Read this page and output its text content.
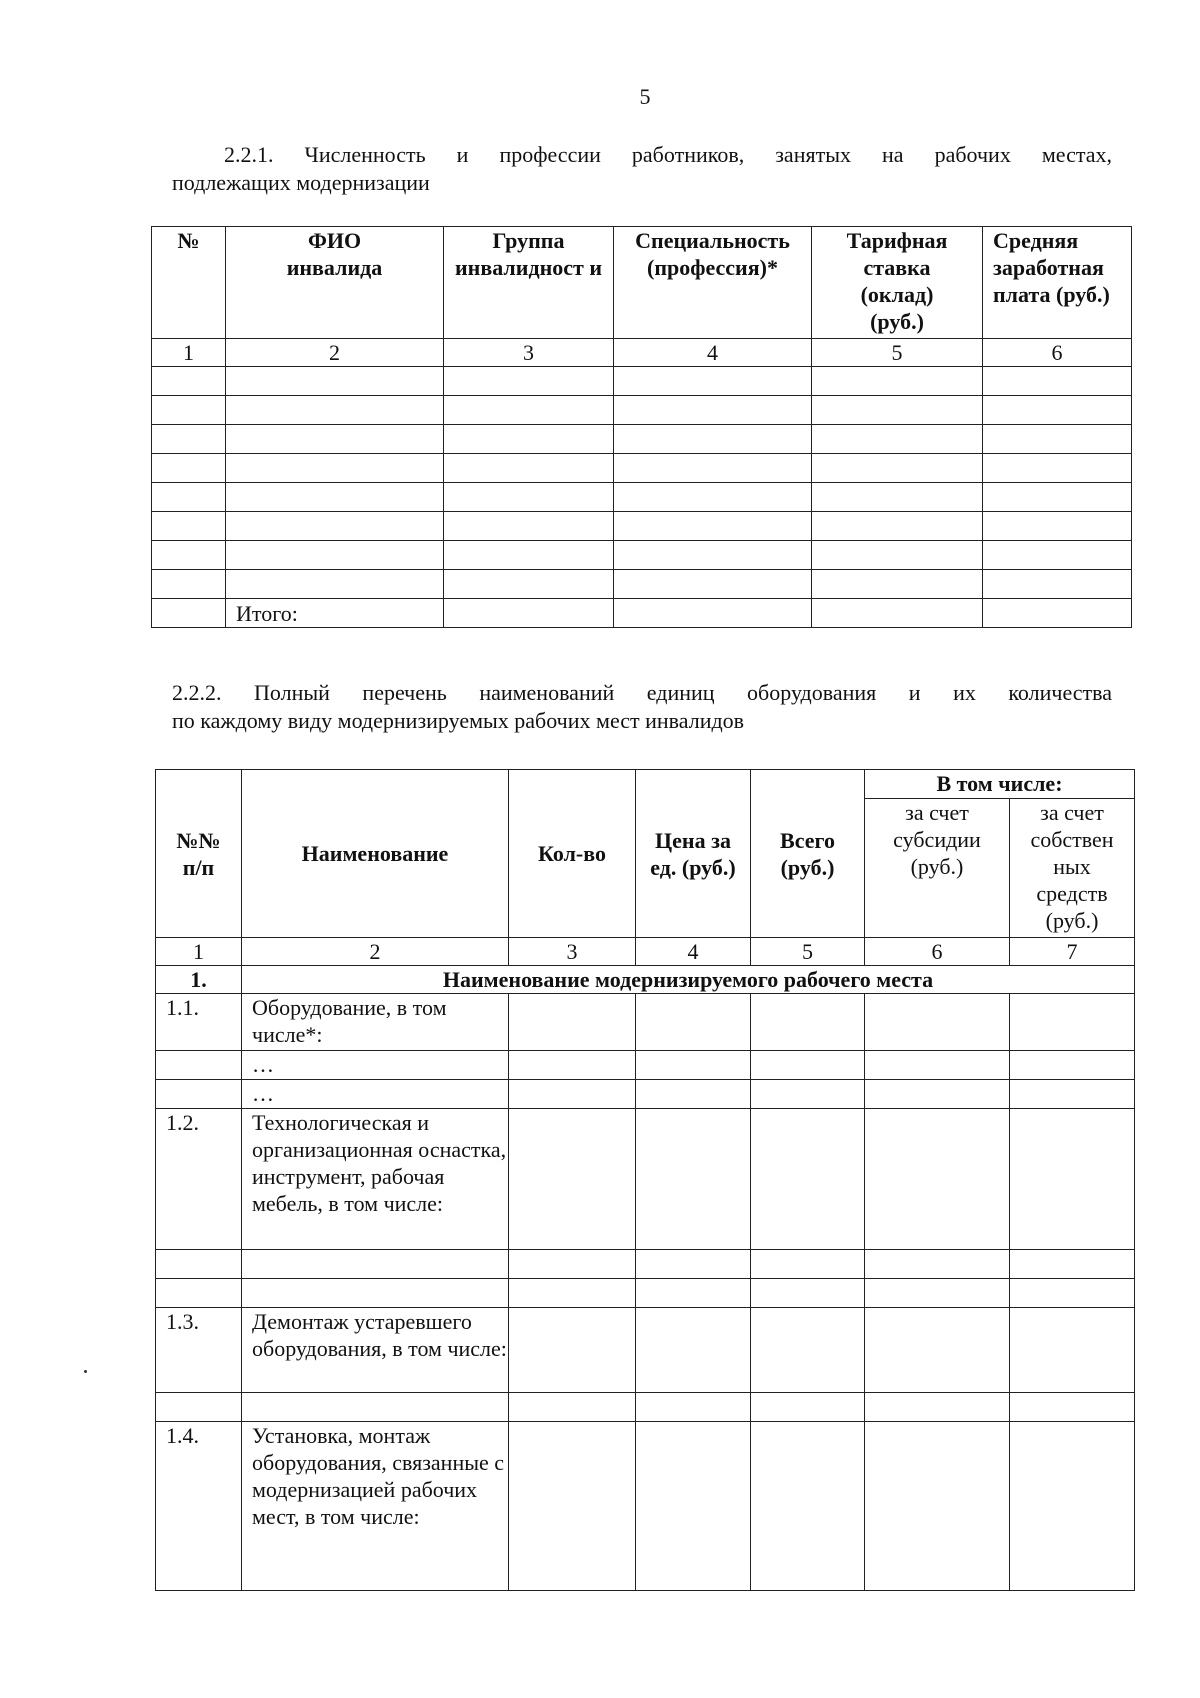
5
2.2.1. Численность и профессии работников, занятых на рабочих местах,
подлежащих модернизации
№	ФИО инвалида	Группа инвалидност и	Специальность (профессия)*	Тарифная ставка (оклад) (руб.)	Средняя заработная плата (руб.)
1	2	3	4	5	6

	Итого:				
2.2.2. Полный перечень наименований единиц оборудования и их количества
по каждому виду модернизируемых рабочих мест инвалидов
№№ п/п	Наименование	Кол-во	Цена за ед. (руб.)	Всего (руб.)	В том числе:	
					за счет субсидии (руб.)	за счет собствен ных средств (руб.)
1	2	3	4	5	6	7
1.	Наименование модернизируемого рабочего места					
1.1.	Оборудование, в том числе*:					
	…					
	…					
1.2.	Технологическая и организационная оснастка, инструмент, рабочая мебель, в том числе:					

1.3.	Демонтаж устаревшего оборудования, в том числе:					

1.4.	Установка, монтаж оборудования, связанные с модернизацией рабочих мест, в том числе:					
